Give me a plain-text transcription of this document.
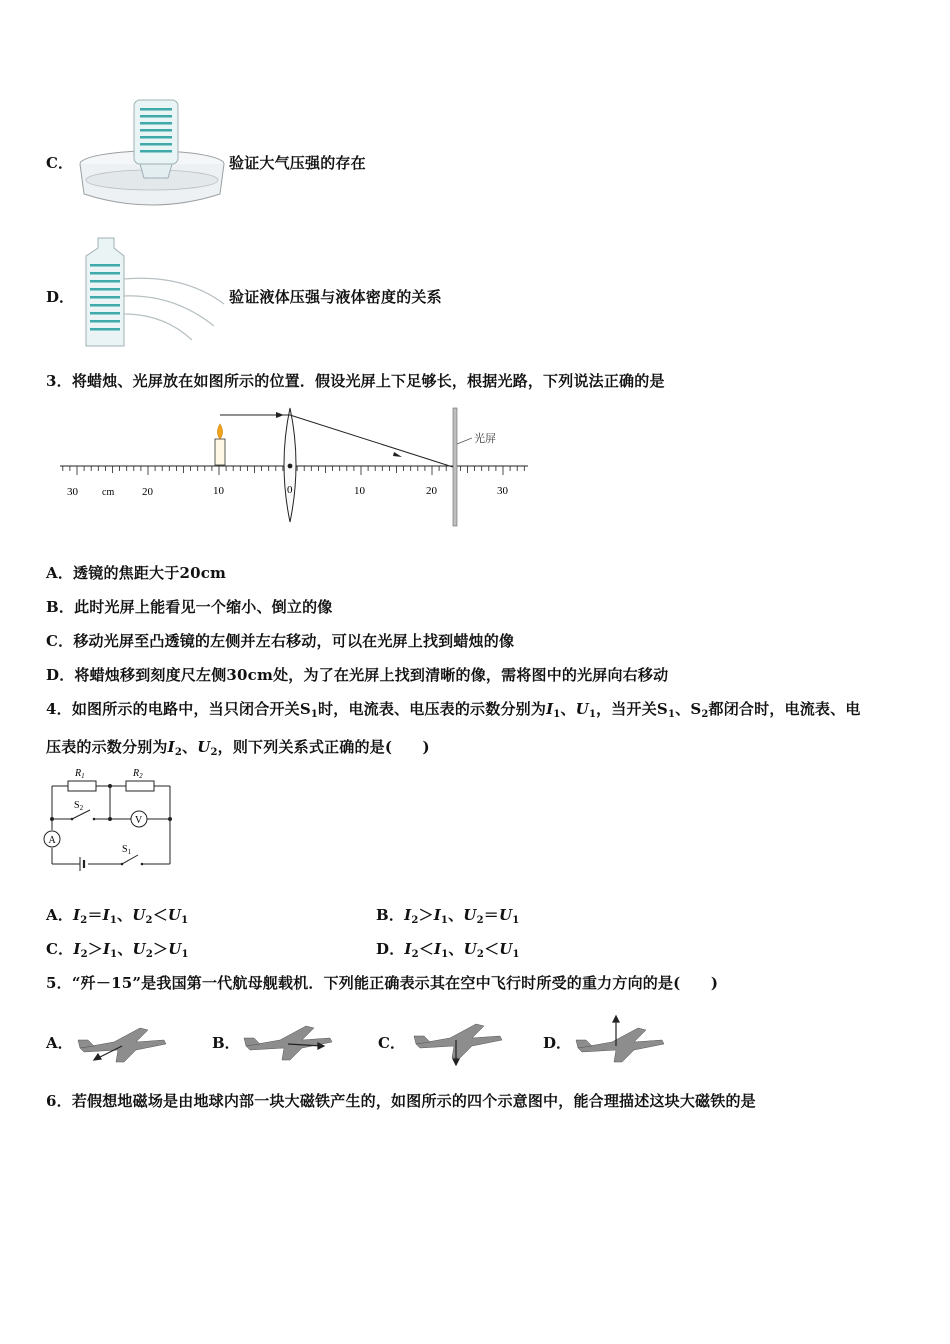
C．	验证大气压强的存在
D．	验证液体压强与液体密度的关系
3．将蜡烛、光屏放在如图所示的位置．假设光屏上下足够长，根据光路，下列说法正确的是
光屏
30 cm	20	10	0	10	20	30
A．透镜的焦距大于20cm
B．此时光屏上能看见一个缩小、倒立的像
C．移动光屏至凸透镜的左侧并左右移动，可以在光屏上找到蜡烛的像
D．将蜡烛移到刻度尺左侧30cm处，为了在光屏上找到清晰的像，需将图中的光屏向右移动
4．如图所示的电路中，当只闭合开关$S_1$时，电流表、电压表的示数分别为$I_1$、$U_1$，当开关$S_1$、$S_2$都闭合时，电流表、电
压表的示数分别为$I_2$、$U_2$，则下列关系式正确的是(　　)
A
V
$R_1$	$R_2$
$S_2$
$S_1$
A．$I_2=I_1$、$U_2<U_1$	B．$I_2>I_1$、$U_2=U_1$
C．$I_2>I_1$、$U_2>U_1$	D．$I_2<I_1$、$U_2<U_1$
5．“歼－15”是我国第一代航母舰载机．下列能正确表示其在空中飞行时所受的重力方向的是(　　)
A．	B．	C．	D．
6．若假想地磁场是由地球内部一块大磁铁产生的，如图所示的四个示意图中，能合理描述这块大磁铁的是
